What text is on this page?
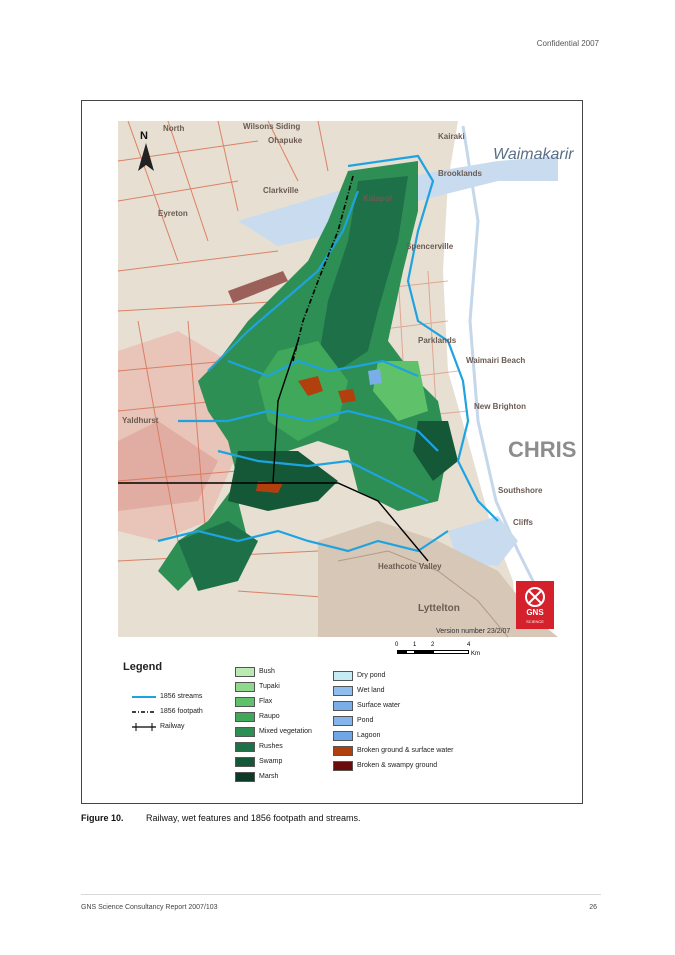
Confidential 2007
N
Waimakarir
North	Wilsons Siding
Ohapuke	Kairaki
Brooklands
Clarkville
Eyreton
Kaiapoi
Spencerville
Parklands
Waimairi Beach
New Brighton
CHRIS
Yaldhurst
Southshore
Cliffs
Heathcote Valley
Lyttelton	GNS
SCIENCE
Version number 23/2/07
0 1 2	4
Km
Legend
1856 streams
1856 footpath
Railway
Bush
Tupaki
Flax
Raupo
Mixed vegetation
Rushes
Swamp
Marsh
Dry pond
Wet land
Surface water
Pond
Lagoon
Broken ground & surface water
Broken & swampy ground
Figure 10. Railway, wet features and 1856 footpath and streams.
GNS Science Consultancy Report 2007/103	26
